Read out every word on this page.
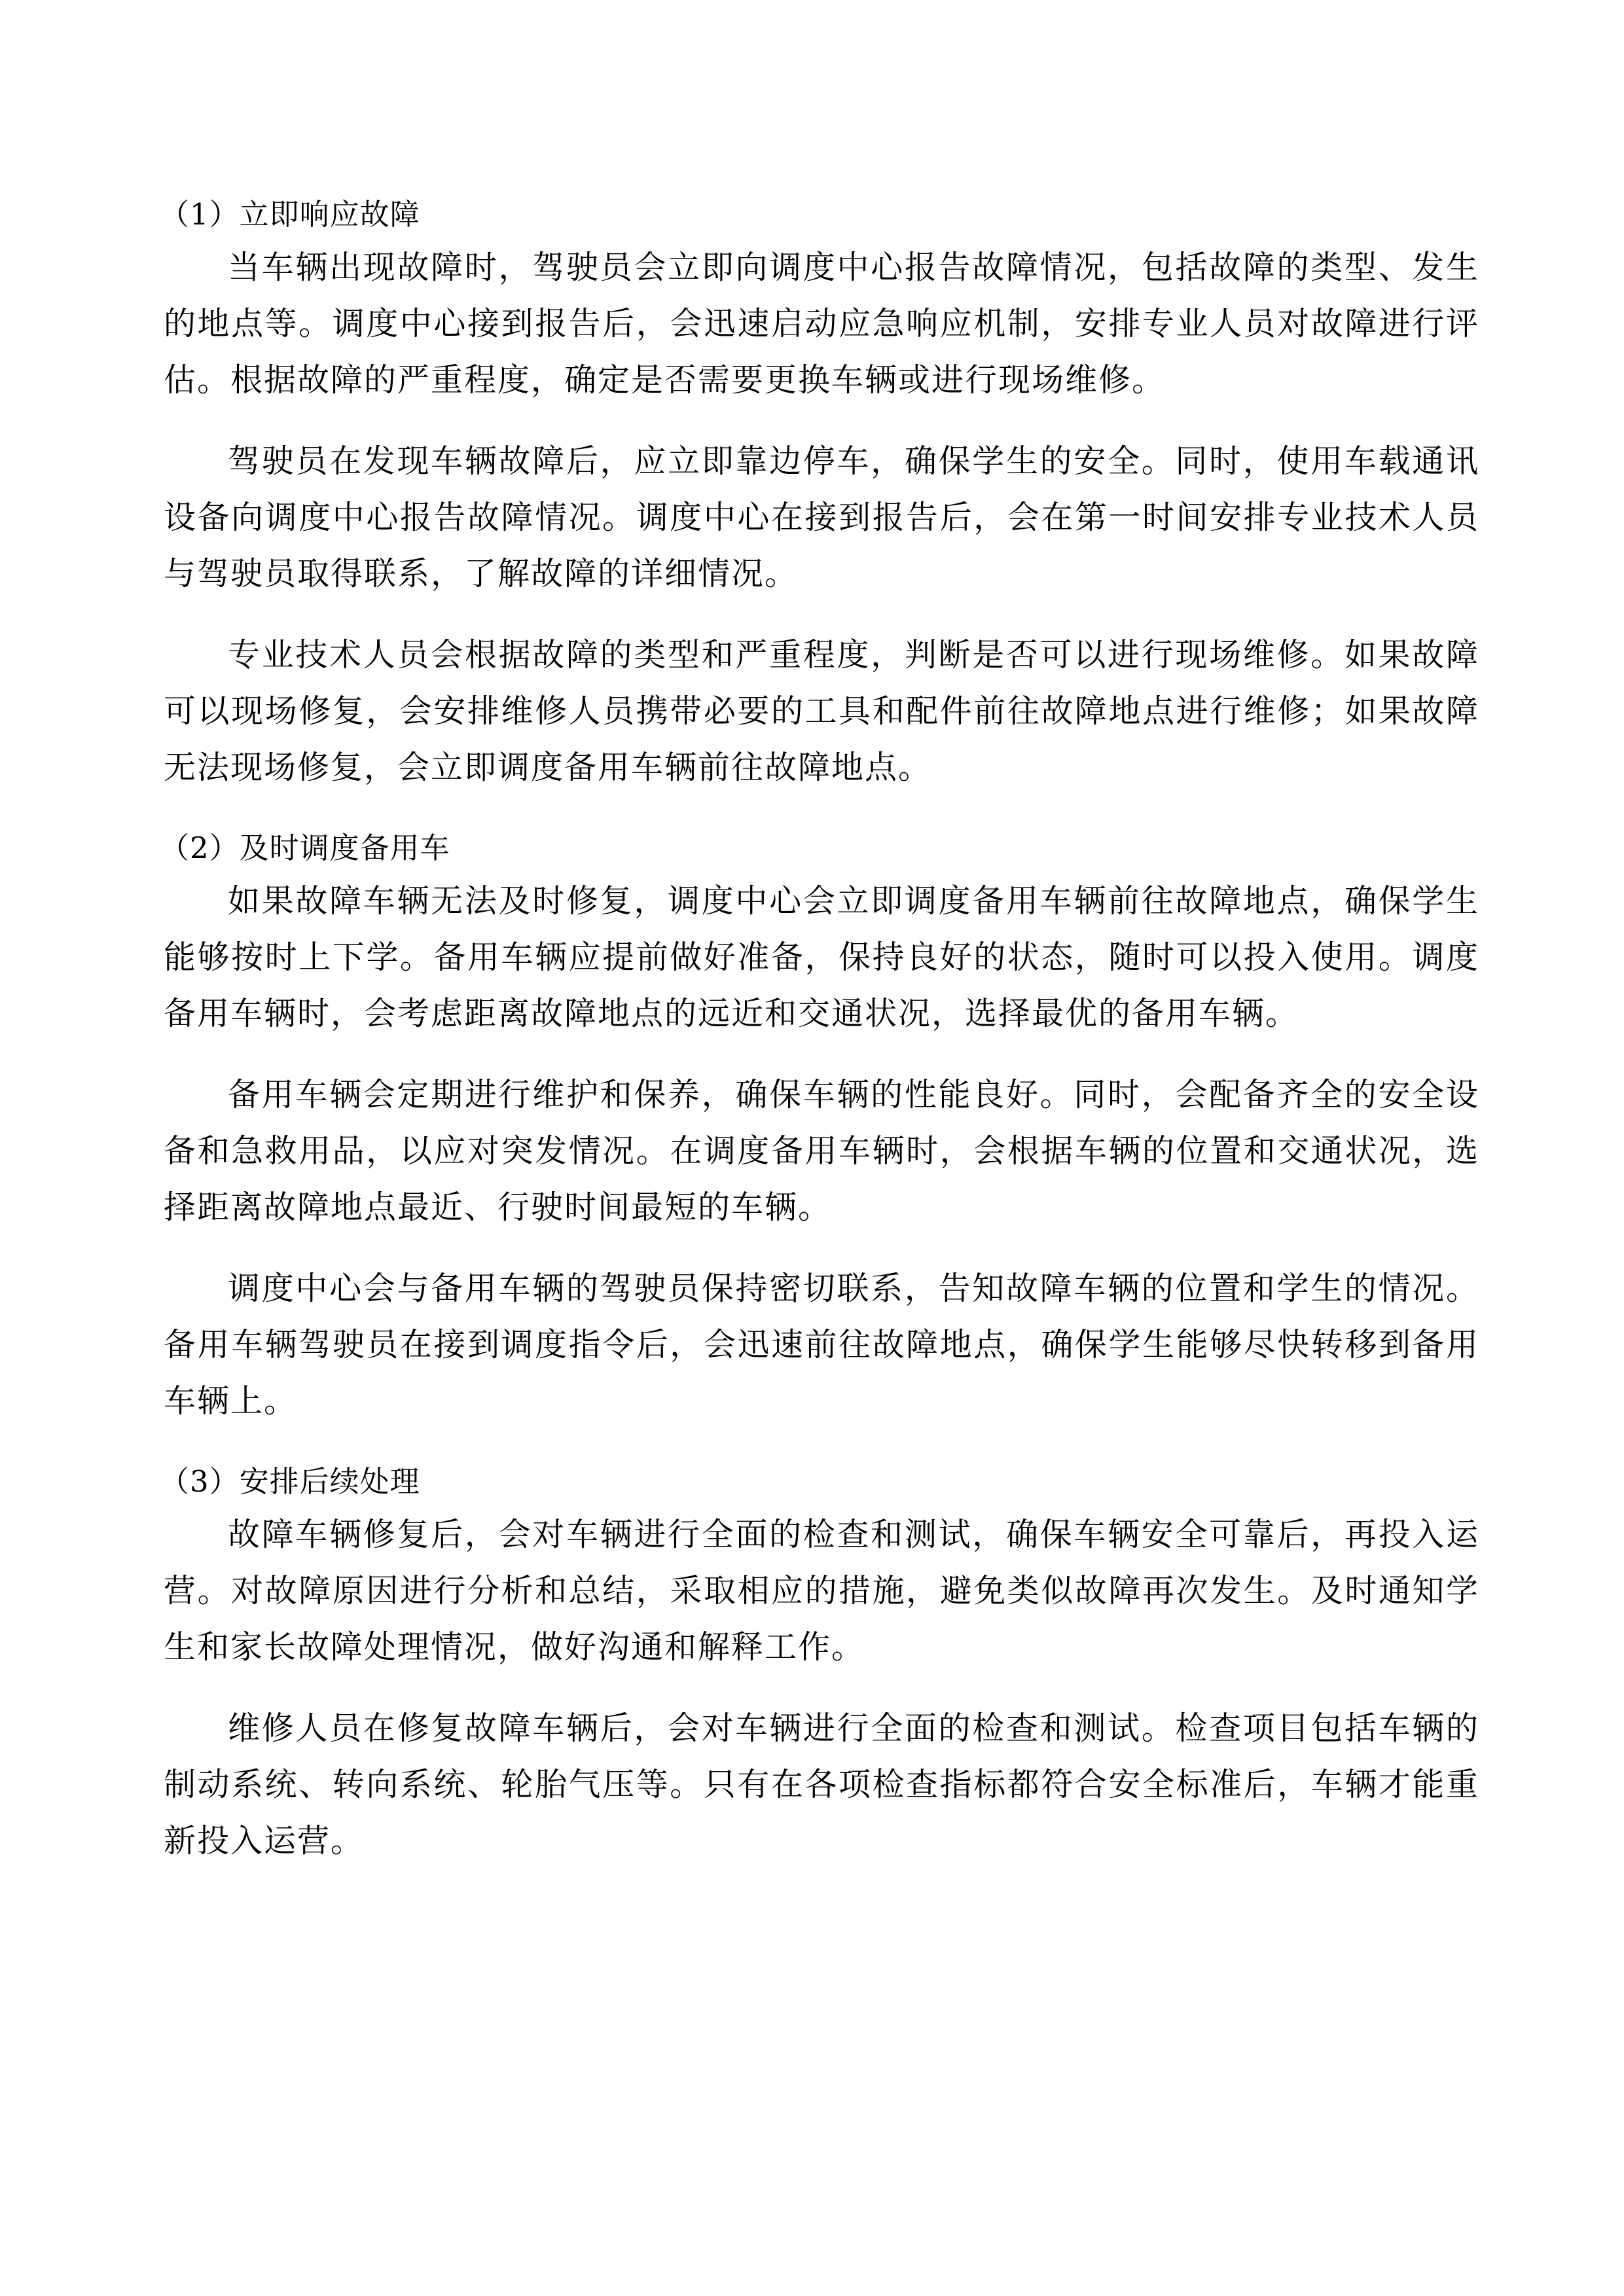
（1）立即响应故障

当车辆出现故障时，驾驶员会立即向调度中心报告故障情况，包括故障的类型、发生的地点等。调度中心接到报告后，会迅速启动应急响应机制，安排专业人员对故障进行评估。根据故障的严重程度，确定是否需要更换车辆或进行现场维修。

驾驶员在发现车辆故障后，应立即靠边停车，确保学生的安全。同时，使用车载通讯设备向调度中心报告故障情况。调度中心在接到报告后，会在第一时间安排专业技术人员与驾驶员取得联系，了解故障的详细情况。

专业技术人员会根据故障的类型和严重程度，判断是否可以进行现场维修。如果故障可以现场修复，会安排维修人员携带必要的工具和配件前往故障地点进行维修；如果故障无法现场修复，会立即调度备用车辆前往故障地点。

（2）及时调度备用车

如果故障车辆无法及时修复，调度中心会立即调度备用车辆前往故障地点，确保学生能够按时上下学。备用车辆应提前做好准备，保持良好的状态，随时可以投入使用。调度备用车辆时，会考虑距离故障地点的远近和交通状况，选择最优的备用车辆。

备用车辆会定期进行维护和保养，确保车辆的性能良好。同时，会配备齐全的安全设备和急救用品，以应对突发情况。在调度备用车辆时，会根据车辆的位置和交通状况，选择距离故障地点最近、行驶时间最短的车辆。

调度中心会与备用车辆的驾驶员保持密切联系，告知故障车辆的位置和学生的情况。备用车辆驾驶员在接到调度指令后，会迅速前往故障地点，确保学生能够尽快转移到备用车辆上。

（3）安排后续处理

故障车辆修复后，会对车辆进行全面的检查和测试，确保车辆安全可靠后，再投入运营。对故障原因进行分析和总结，采取相应的措施，避免类似故障再次发生。及时通知学生和家长故障处理情况，做好沟通和解释工作。

维修人员在修复故障车辆后，会对车辆进行全面的检查和测试。检查项目包括车辆的制动系统、转向系统、轮胎气压等。只有在各项检查指标都符合安全标准后，车辆才能重新投入运营。
